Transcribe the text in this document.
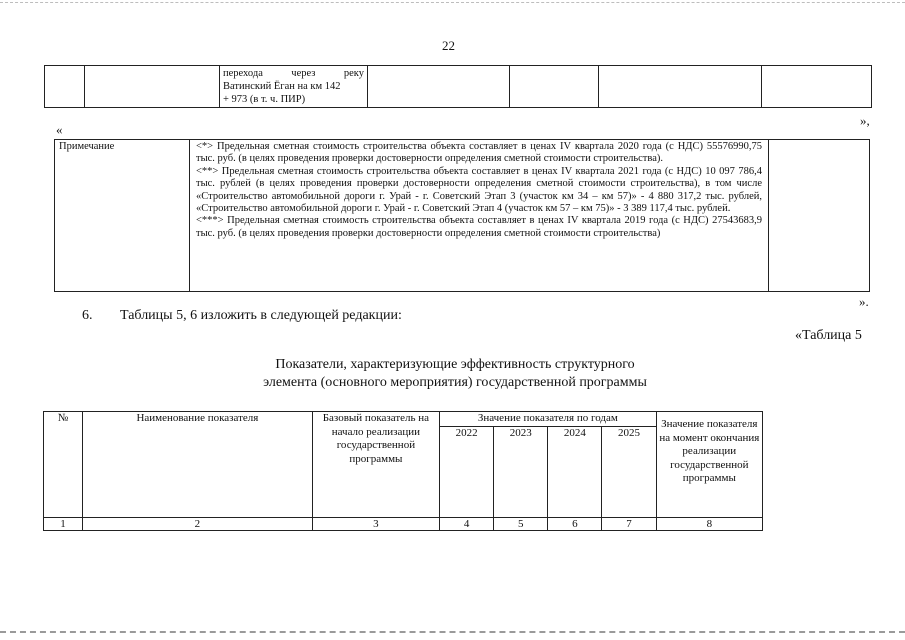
22

перехода	через	реку
Ватинский Ёган на км 142
+ 973 (в т. ч. ПИР)

»,
«
Примечание	<*> Предельная сметная стоимость строительства объекта составляет в ценах IV квартала 2020 года (с НДС) 55576990,75 тыс. руб. (в целях проведения проверки достоверности определения сметной стоимости строительства).

<**> Предельная сметная стоимость строительства объекта составляет в ценах IV квартала 2021 года (с НДС) 10 097 786,4 тыс. рублей (в целях проведения проверки достоверности определения сметной стоимости строительства), в том числе «Строительство автомобильной дороги г. Урай - г. Советский Этап 3 (участок км 34 – км 57)» - 4 880 317,2 тыс. рублей, «Строительство автомобильной дороги г. Урай - г. Советский Этап 4 (участок км 57 – км 75)» - 3 389 117,4 тыс. рублей.

<***> Предельная сметная стоимость строительства объекта составляет в ценах IV квартала 2019 года (с НДС) 27543683,9 тыс. руб. (в целях проведения проверки достоверности определения сметной стоимости строительства)

».
6. Таблицы 5, 6 изложить в следующей редакции:
«Таблица 5
Показатели, характеризующие эффективность структурного
элемента (основного мероприятия) государственной программы
№	Наименование показателя	Базовый показатель на начало реализации государственной программы	Значение показателя по годам				Значение показателя на момент окончания реализации государственной программы
			2022	2023	2024	2025	
1	2	3	4	5	6	7	8
